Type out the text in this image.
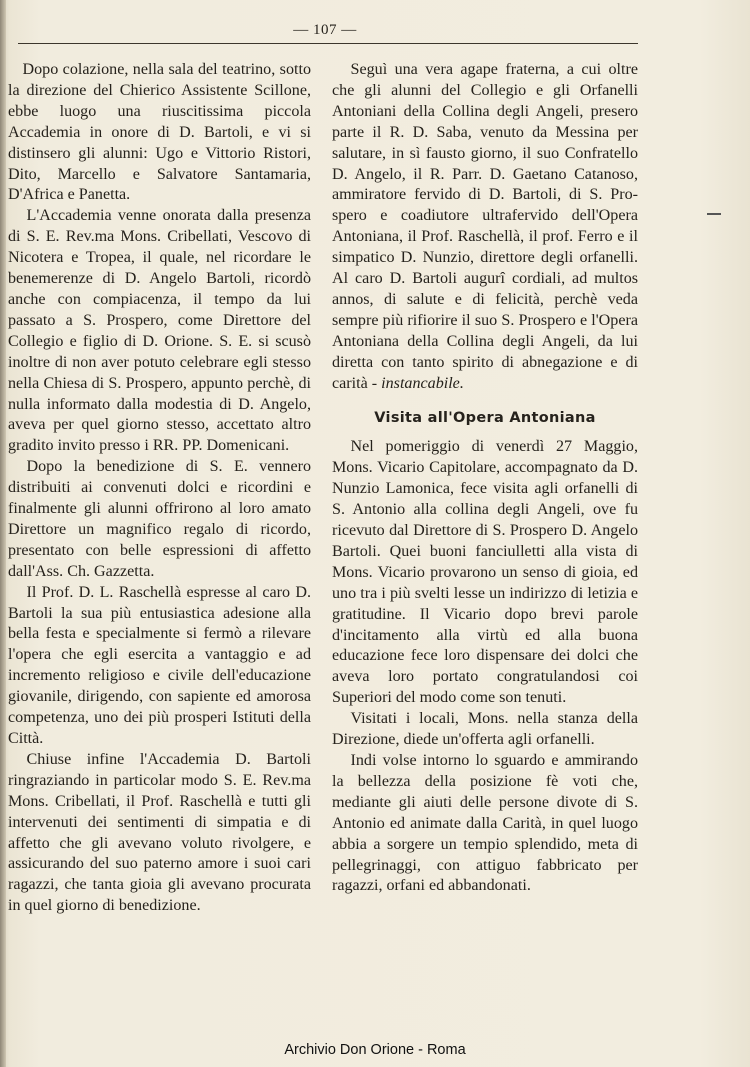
— 107 —

Dopo colazione, nella sala del teatrino, sotto la direzione del Chierico Assistente Scillone, ebbe luogo una riuscitissima piccola Accademia in onore di D. Bartoli, e vi si distinsero gli alunni: Ugo e Vittorio Ristori, Dito, Marcello e Salvatore Santamaria, D'Africa e Panetta.

L'Accademia venne onorata dalla presenza di S. E. Rev.ma Mons. Cribellati, Vescovo di Nicotera e Tropea, il quale, nel ricordare le benemerenze di D. Angelo Bartoli, ricordò anche con compiacenza, il tempo da lui passato a S. Prospero, come Direttore del Collegio e figlio di D. Orione. S. E. si scusò inoltre di non aver potuto celebrare egli stesso nella Chiesa di S. Prospero, appunto perchè, di nulla informato dalla modestia di D. Angelo, aveva per quel giorno stesso, accettato altro gradito invito presso i RR. PP. Domenicani.

Dopo la benedizione di S. E. vennero distribuiti ai convenuti dolci e ricordini e finalmente gli alunni offrirono al loro amato Direttore un magnifico regalo di ricordo, presentato con belle espressioni di affetto dall'Ass. Ch. Gazzetta.

Il Prof. D. L. Raschellà espresse al caro D. Bartoli la sua più entusiastica adesione alla bella festa e specialmente si fermò a rilevare l'opera che egli esercita a vantaggio e ad incremento religioso e civile dell'educazione giovanile, dirigendo, con sapiente ed amorosa competenza, uno dei più prosperi Istituti della Città.

Chiuse infine l'Accademia D. Bartoli ringraziando in particolar modo S. E. Rev.ma Mons. Cribellati, il Prof. Raschellà e tutti gli intervenuti dei sentimenti di simpatia e di affetto che gli avevano voluto rivolgere, e assicurando del suo paterno amore i suoi cari ragazzi, che tanta gioia gli avevano procurata in quel giorno di benedizione.

Seguì una vera agape fraterna, a cui oltre che gli alunni del Collegio e gli Orfanelli Antoniani della Collina degli Angeli, presero parte il R. D. Saba, venuto da Messina per salutare, in sì fausto giorno, il suo Confratello D. Angelo, il R. Parr. D. Gaetano Catanoso, ammiratore fervido di D. Bartoli, di S. Prospero e coadiutore ultrafervido dell'Opera Antoniana, il Prof. Raschellà, il prof. Ferro e il simpatico D. Nunzio, direttore degli orfanelli. Al caro D. Bartoli augurî cordiali, ad multos annos, di salute e di felicità, perchè veda sempre più rifiorire il suo S. Prospero e l'Opera Antoniana della Collina degli Angeli, da lui diretta con tanto spirito di abnegazione e di carità - instancabile.

Visita all'Opera Antoniana

Nel pomeriggio di venerdì 27 Maggio, Mons. Vicario Capitolare, accompagnato da D. Nunzio Lamonica, fece visita agli orfanelli di S. Antonio alla collina degli Angeli, ove fu ricevuto dal Direttore di S. Prospero D. Angelo Bartoli. Quei buoni fanciulletti alla vista di Mons. Vicario provarono un senso di gioia, ed uno tra i più svelti lesse un indirizzo di letizia e gratitudine. Il Vicario dopo brevi parole d'incitamento alla virtù ed alla buona educazione fece loro dispensare dei dolci che aveva loro portato congratulandosi coi Superiori del modo come son tenuti.

Visitati i locali, Mons. nella stanza della Direzione, diede un'offerta agli orfanelli.

Indi volse intorno lo sguardo e ammirando la bellezza della posizione fè voti che, mediante gli aiuti delle persone divote di S. Antonio ed animate dalla Carità, in quel luogo abbia a sorgere un tempio splendido, meta di pellegrinaggi, con attiguo fabbricato per ragazzi, orfani ed abbandonati.

Archivio Don Orione - Roma
